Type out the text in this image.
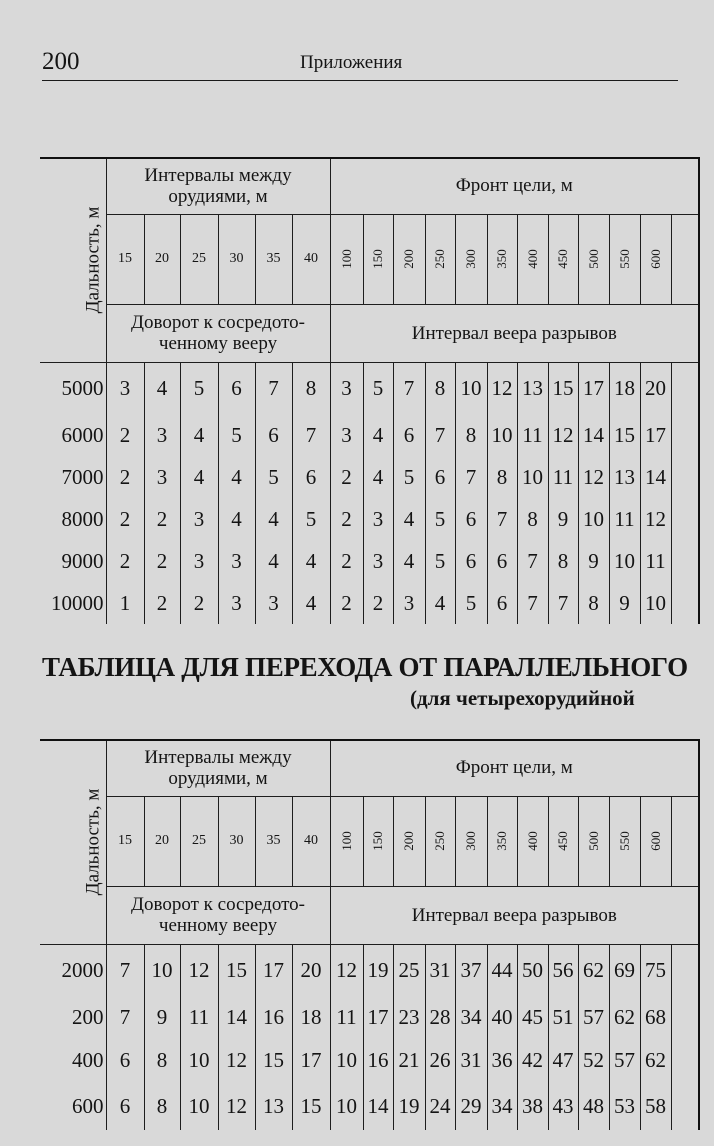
200	Приложения
Дальность, м	Интервалы между орудиями, м						Фронт цели, м											
	15	20	25	30	35	40	100	150	200	250	300	350	400	450	500	550	600	
	Доворот к сосредото- ченному вееру						Интервал веера разрывов											
5000	3	4	5	6	7	8	3	5	7	8	10	12	13	15	17	18	20	
6000	2	3	4	5	6	7	3	4	6	7	8	10	11	12	14	15	17	
7000	2	3	4	4	5	6	2	4	5	6	7	8	10	11	12	13	14	
8000	2	2	3	4	4	5	2	3	4	5	6	7	8	9	10	11	12	
9000	2	2	3	3	4	4	2	3	4	5	6	6	7	8	9	10	11	
10000	1	2	2	3	3	4	2	2	3	4	5	6	7	7	8	9	10	
ТАБЛИЦА ДЛЯ ПЕРЕХОДА ОТ ПАРАЛЛЕЛЬНОГО
(для четырехорудийной
Дальность, м	Интервалы между орудиями, м						Фронт цели, м											
	15	20	25	30	35	40	100	150	200	250	300	350	400	450	500	550	600	
	Доворот к сосредото- ченному вееру						Интервал веера разрывов											
2000	7	10	12	15	17	20	12	19	25	31	37	44	50	56	62	69	75	
200	7	9	11	14	16	18	11	17	23	28	34	40	45	51	57	62	68	
400	6	8	10	12	15	17	10	16	21	26	31	36	42	47	52	57	62	
600	6	8	10	12	13	15	10	14	19	24	29	34	38	43	48	53	58	
